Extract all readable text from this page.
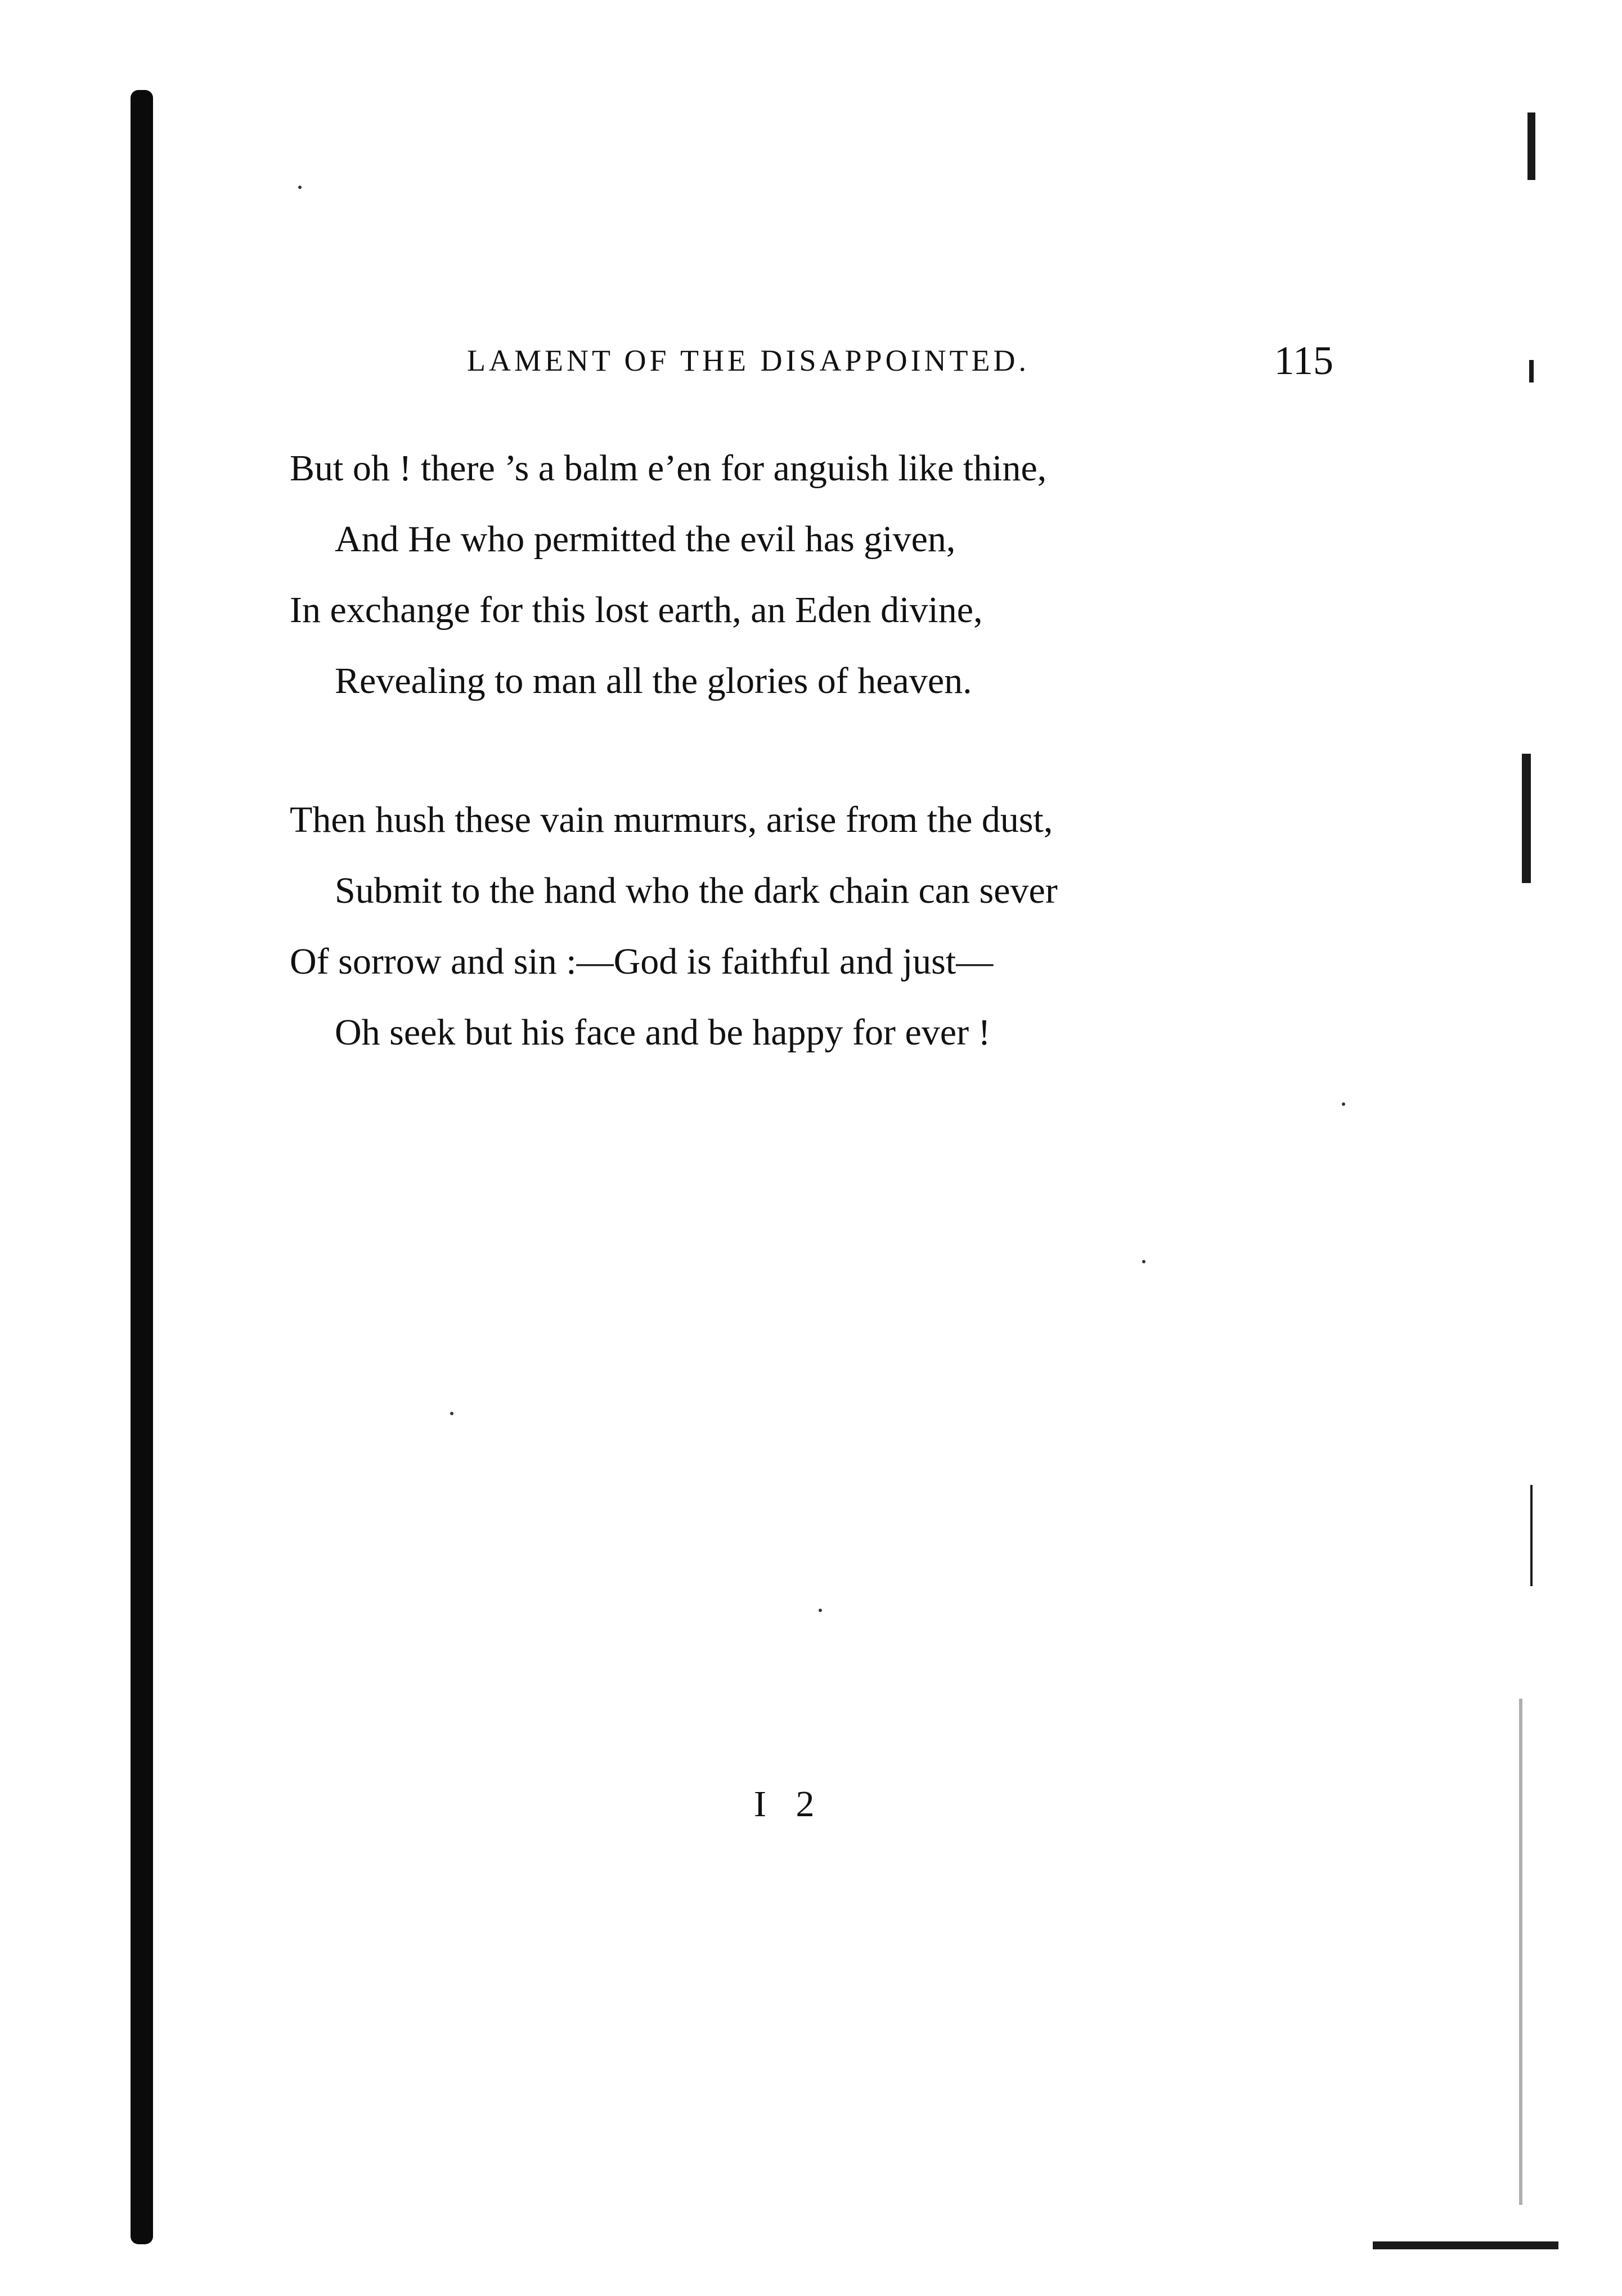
LAMENT OF THE DISAPPOINTED.	115
But oh ! there ’s a balm e’en for anguish like thine,
And He who permitted the evil has given,
In exchange for this lost earth, an Eden divine,
Revealing to man all the glories of heaven.
Then hush these vain murmurs, arise from the dust,
Submit to the hand who the dark chain can sever
Of sorrow and sin :—God is faithful and just—
Oh seek but his face and be happy for ever !
I 2
